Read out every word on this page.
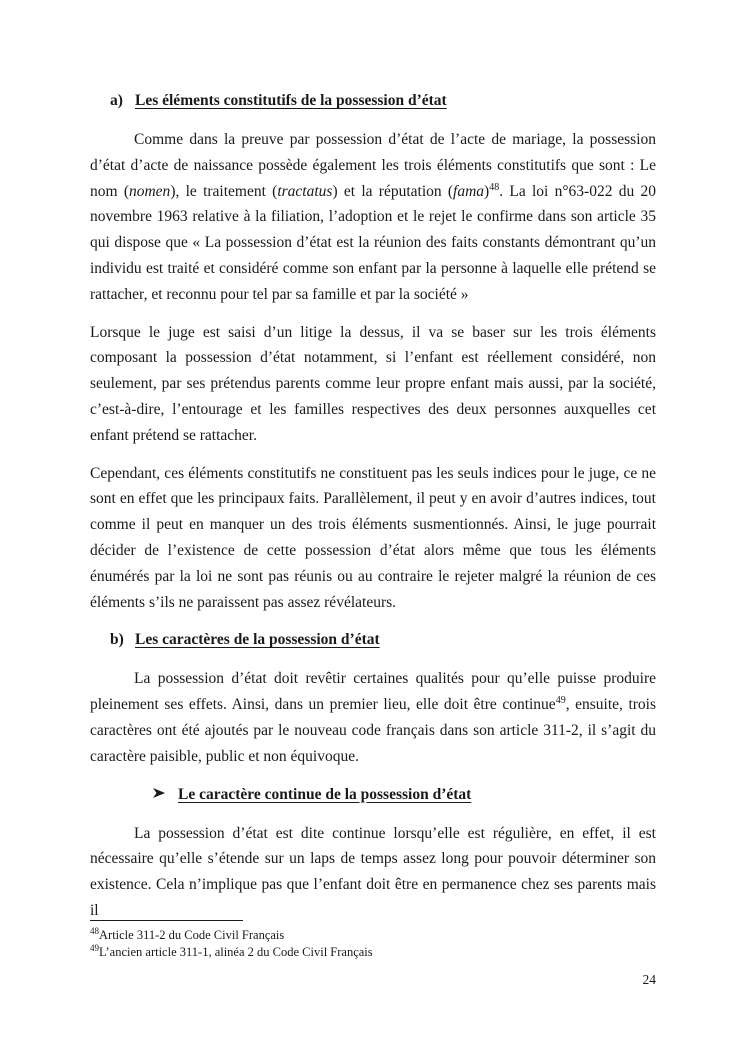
a) Les éléments constitutifs de la possession d’état

Comme dans la preuve par possession d’état de l’acte de mariage, la possession d’état d’acte de naissance possède également les trois éléments constitutifs que sont : Le nom (nomen), le traitement (tractatus) et la réputation (fama)$^{48}$. La loi n°63-022 du 20 novembre 1963 relative à la filiation, l’adoption et le rejet le confirme dans son article 35 qui dispose que « La possession d’état est la réunion des faits constants démontrant qu’un individu est traité et considéré comme son enfant par la personne à laquelle elle prétend se rattacher, et reconnu pour tel par sa famille et par la société »

Lorsque le juge est saisi d’un litige la dessus, il va se baser sur les trois éléments composant la possession d’état notamment, si l’enfant est réellement considéré, non seulement, par ses prétendus parents comme leur propre enfant mais aussi, par la société, c’est-à-dire, l’entourage et les familles respectives des deux personnes auxquelles cet enfant prétend se rattacher.

Cependant, ces éléments constitutifs ne constituent pas les seuls indices pour le juge, ce ne sont en effet que les principaux faits. Parallèlement, il peut y en avoir d’autres indices, tout comme il peut en manquer un des trois éléments susmentionnés. Ainsi, le juge pourrait décider de l’existence de cette possession d’état alors même que tous les éléments énumérés par la loi ne sont pas réunis ou au contraire le rejeter malgré la réunion de ces éléments s’ils ne paraissent pas assez révélateurs.

b) Les caractères de la possession d’état

La possession d’état doit revêtir certaines qualités pour qu’elle puisse produire pleinement ses effets. Ainsi, dans un premier lieu, elle doit être continue$^{49}$, ensuite, trois caractères ont été ajoutés par le nouveau code français dans son article 311-2, il s’agit du caractère paisible, public et non équivoque.

Le caractère continue de la possession d’état

La possession d’état est dite continue lorsqu’elle est régulière, en effet, il est nécessaire qu’elle s’étende sur un laps de temps assez long pour pouvoir déterminer son existence. Cela n’implique pas que l’enfant doit être en permanence chez ses parents mais il

$^{48}$Article 311-2 du Code Civil Français
$^{49}$L’ancien article 311-1, alinéa 2 du Code Civil Français
24
